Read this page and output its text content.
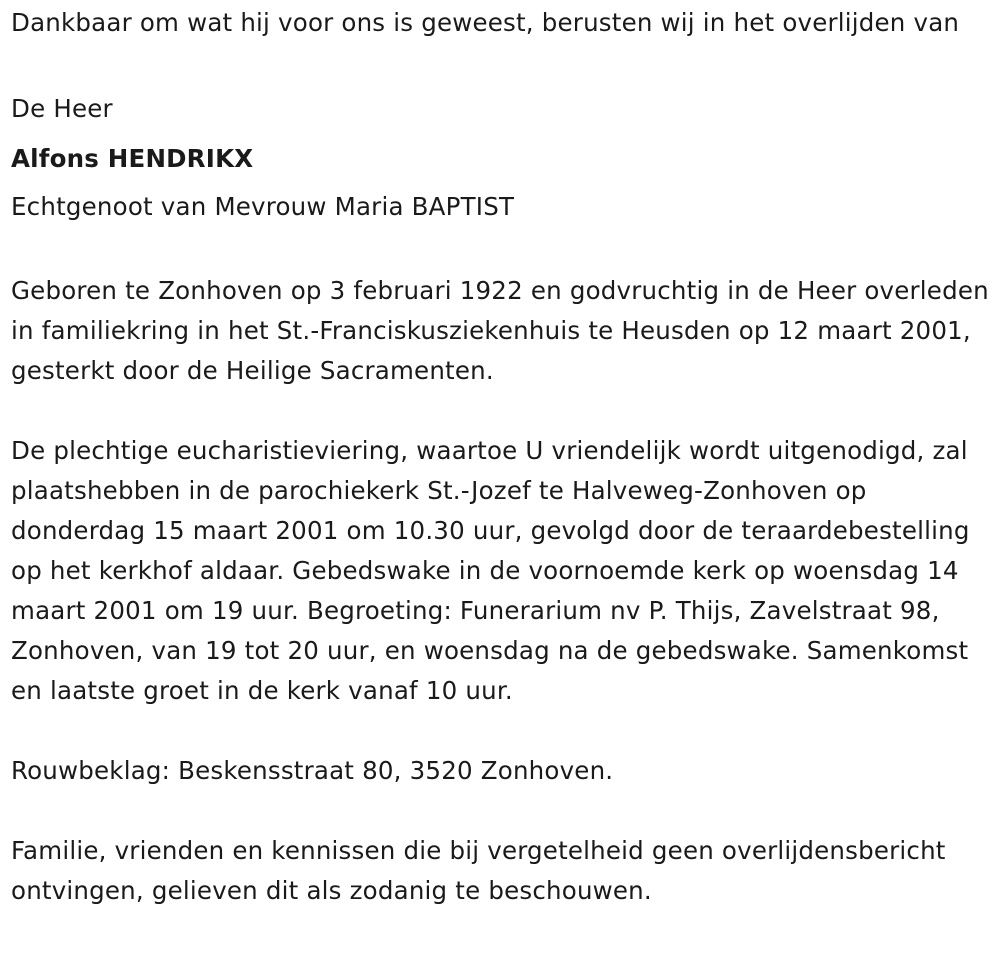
Dankbaar om wat hij voor ons is geweest, berusten wij in het overlijden van

De Heer

Alfons HENDRIKX

Echtgenoot van Mevrouw Maria BAPTIST

Geboren te Zonhoven op 3 februari 1922 en godvruchtig in de Heer overleden in familiekring in het St.-Franciskusziekenhuis te Heusden op 12 maart 2001, gesterkt door de Heilige Sacramenten.

De plechtige eucharistieviering, waartoe U vriendelijk wordt uitgenodigd, zal plaatshebben in de parochiekerk St.-Jozef te Halveweg-Zonhoven op donderdag 15 maart 2001 om 10.30 uur, gevolgd door de teraardebestelling op het kerkhof aldaar. Gebedswake in de voornoemde kerk op woensdag 14 maart 2001 om 19 uur. Begroeting: Funerarium nv P. Thijs, Zavelstraat 98, Zonhoven, van 19 tot 20 uur, en woensdag na de gebedswake. Samenkomst en laatste groet in de kerk vanaf 10 uur.

Rouwbeklag: Beskensstraat 80, 3520 Zonhoven.

Familie, vrienden en kennissen die bij vergetelheid geen overlijdensbericht ontvingen, gelieven dit als zodanig te beschouwen.
